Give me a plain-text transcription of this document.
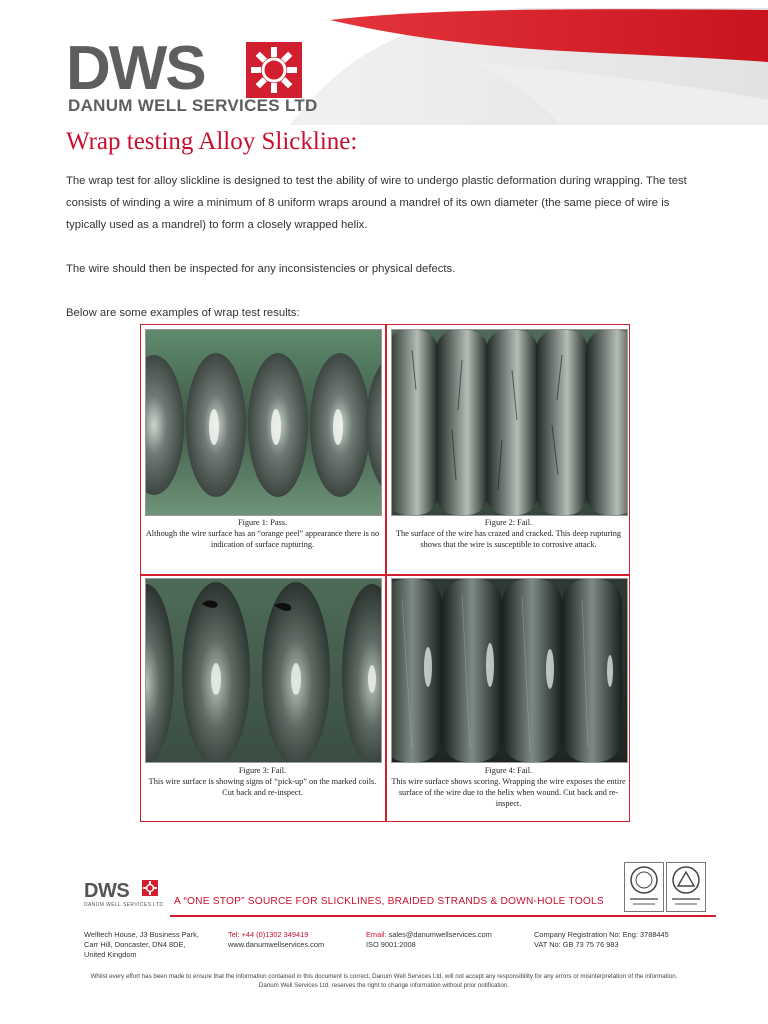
DWS
DANUM WELL SERVICES LTD
Wrap testing Alloy Slickline:
The wrap test for alloy slickline is designed to test the ability of wire to undergo plastic deformation during wrapping. The test consists of winding a wire a minimum of 8 uniform wraps around a mandrel of its own diameter (the same piece of wire is typically used as a mandrel) to form a closely wrapped helix.
The wire should then be inspected for any inconsistencies or physical defects.
Below are some examples of wrap test results:
Figure 1: Pass.
Although the wire surface has an “orange peel” appearance there is no indication of surface rupturing.
Figure 2: Fail.
The surface of the wire has crazed and cracked. This deep rupturing shows that the wire is susceptible to corrosive attack.
Figure 3: Fail.
This wire surface is showing signs of “pick-up” on the marked coils. Cut back and re-inspect.
Figure 4: Fail.
This wire surface shows scoring. Wrapping the wire exposes the entire surface of the wire due to the helix when wound. Cut back and re-inspect.
DWS
DANUM WELL SERVICES LTD A “ONE STOP” SOURCE FOR SLICKLINES, BRAIDED STRANDS & DOWN-HOLE TOOLS
Welltech House, J3 Business Park,
Carr Hill, Doncaster, DN4 8DE,
United Kingdom
Tel: +44 (0)1302 349419
www.danumwellservices.com
Email: sales@danumwellservices.com
ISO 9001:2008
Company Registration No: Eng: 3788445
VAT No: GB 73 75 76 983
Whilst every effort has been made to ensure that the information contained in this document is correct, Danum Well Services Ltd. will not accept any responsibility for any errors or misinterpretation of the information. Danum Well Services Ltd. reserves the right to change information without prior notification.
